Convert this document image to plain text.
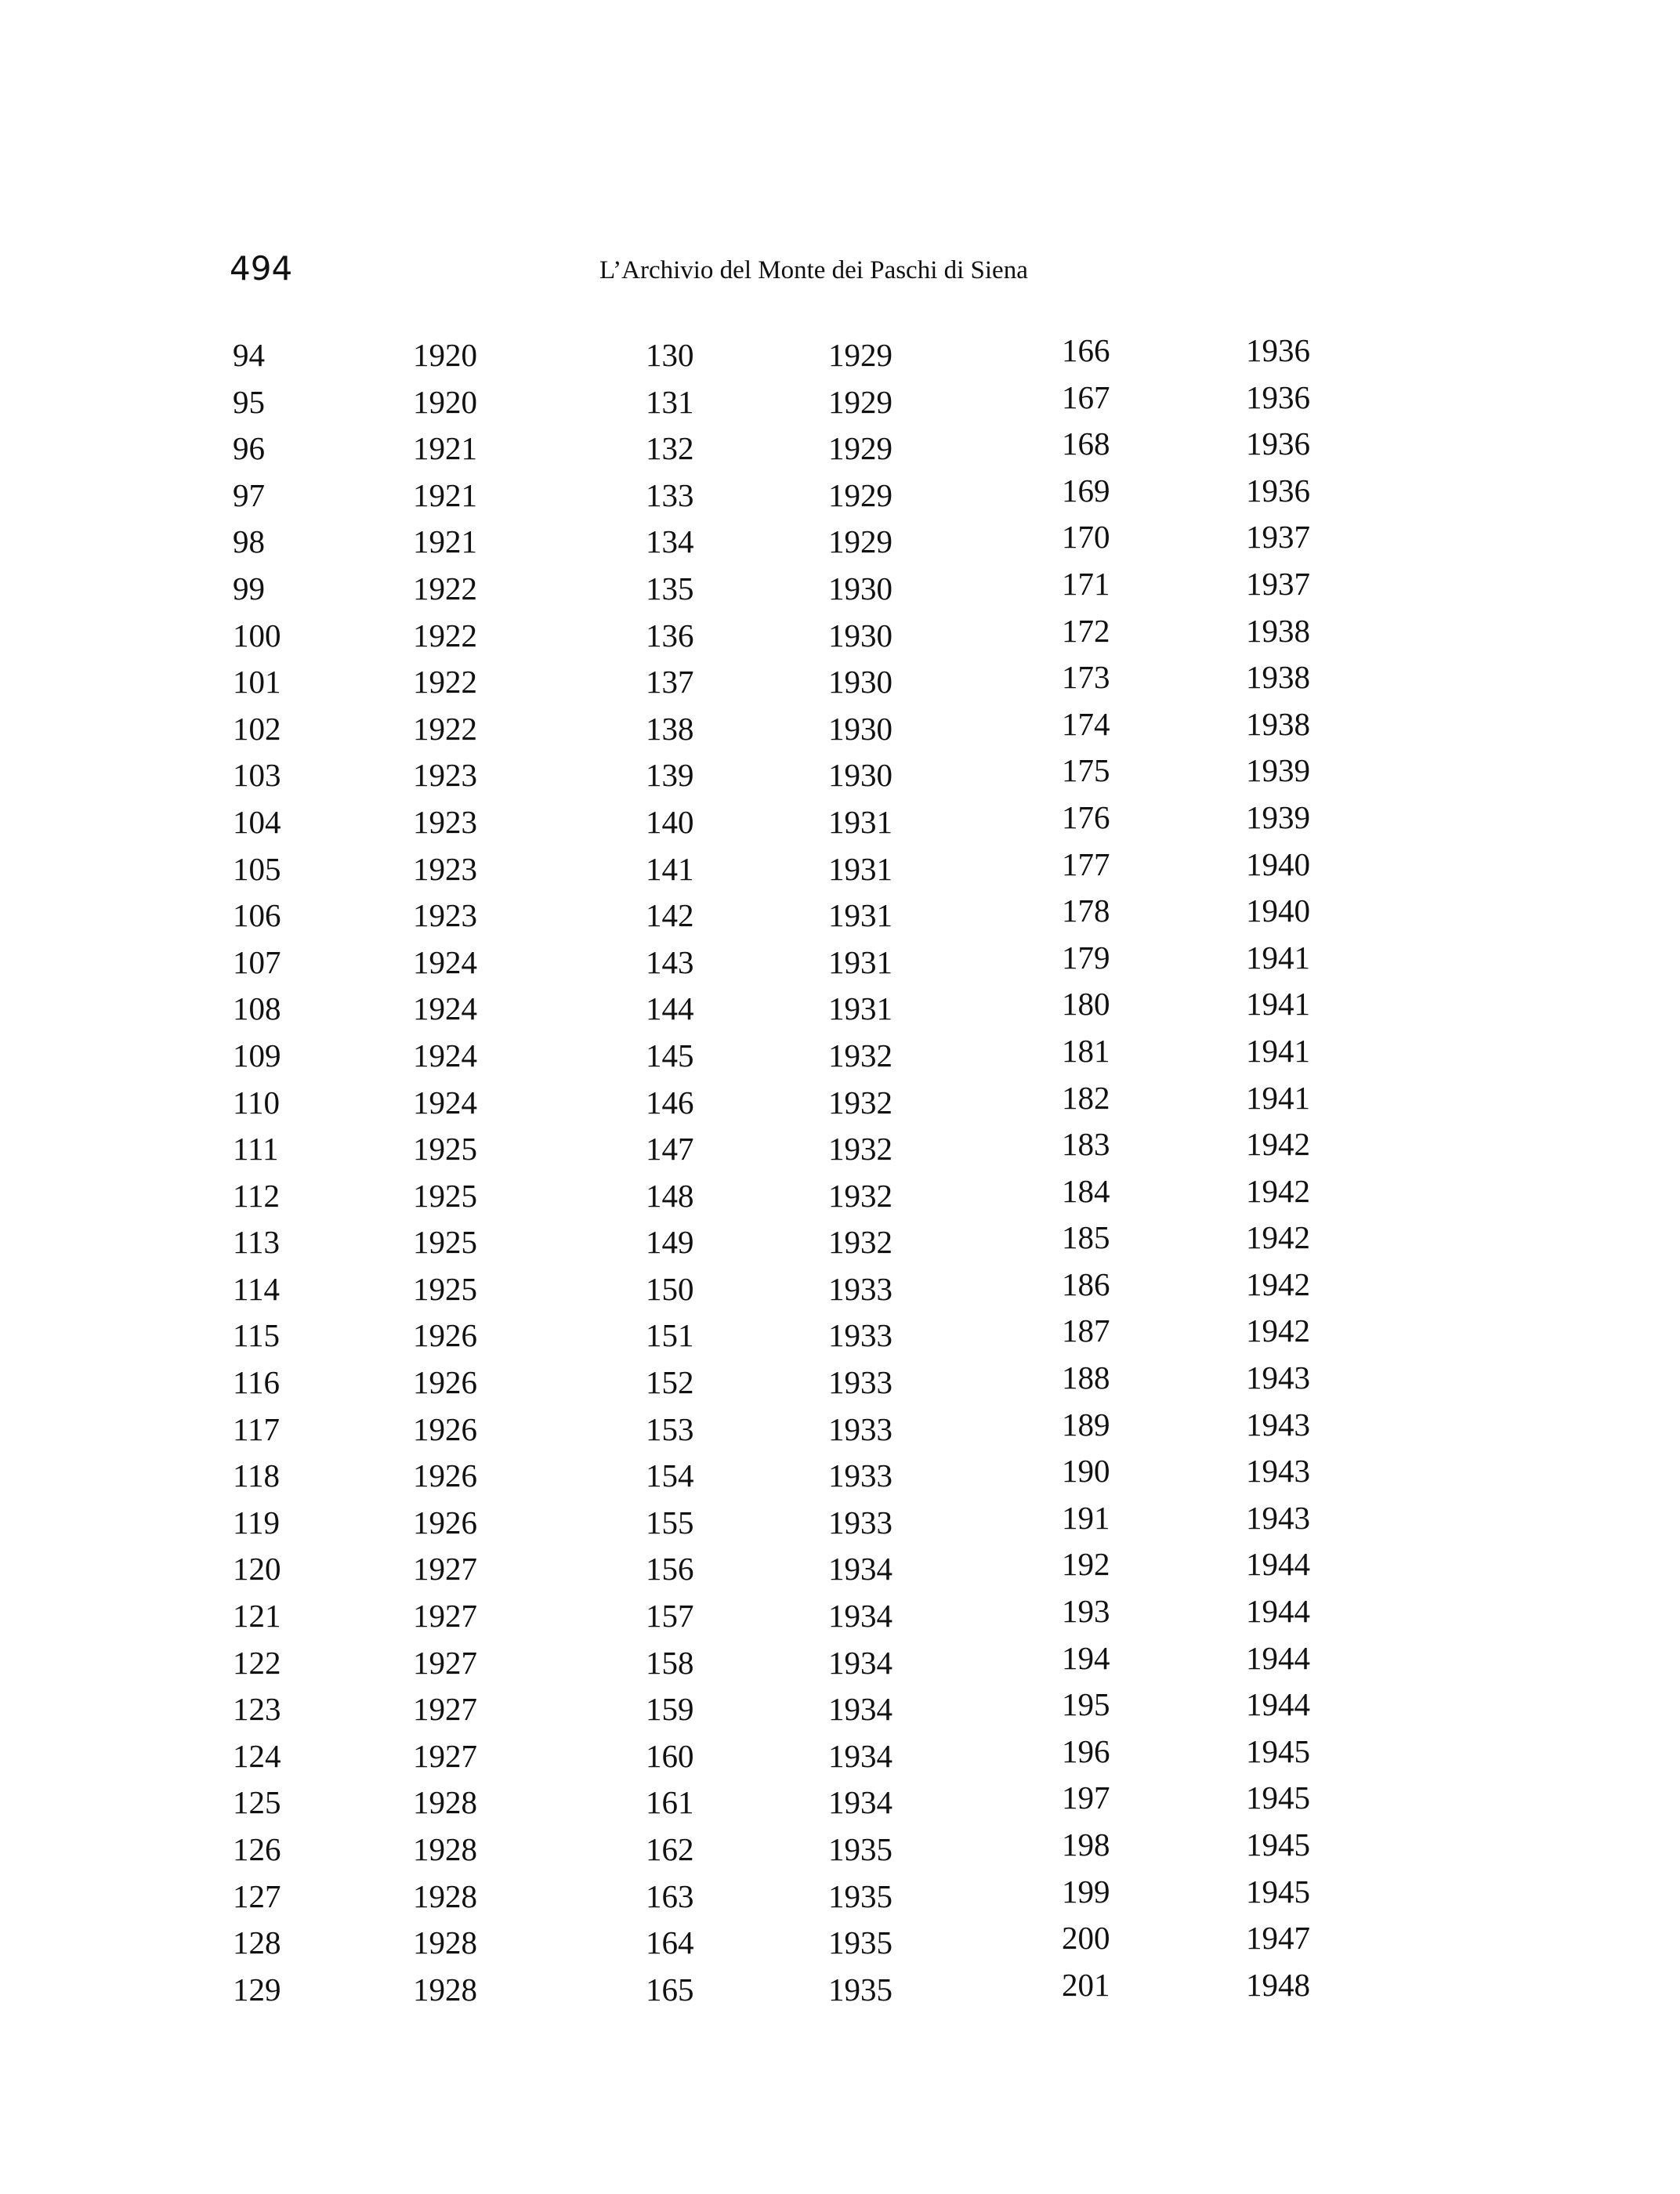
494	L’Archivio del Monte dei Paschi di Siena
94
95
96
97
98
99
100
101
102
103
104
105
106
107
108
109
110
111
112
113
114
115
116
117
118
119
120
121
122
123
124
125
126
127
128
129
1920
1920
1921
1921
1921
1922
1922
1922
1922
1923
1923
1923
1923
1924
1924
1924
1924
1925
1925
1925
1925
1926
1926
1926
1926
1926
1927
1927
1927
1927
1927
1928
1928
1928
1928
1928
130
131
132
133
134
135
136
137
138
139
140
141
142
143
144
145
146
147
148
149
150
151
152
153
154
155
156
157
158
159
160
161
162
163
164
165
1929
1929
1929
1929
1929
1930
1930
1930
1930
1930
1931
1931
1931
1931
1931
1932
1932
1932
1932
1932
1933
1933
1933
1933
1933
1933
1934
1934
1934
1934
1934
1934
1935
1935
1935
1935
166
167
168
169
170
171
172
173
174
175
176
177
178
179
180
181
182
183
184
185
186
187
188
189
190
191
192
193
194
195
196
197
198
199
200
201
1936
1936
1936
1936
1937
1937
1938
1938
1938
1939
1939
1940
1940
1941
1941
1941
1941
1942
1942
1942
1942
1942
1943
1943
1943
1943
1944
1944
1944
1944
1945
1945
1945
1945
1947
1948
